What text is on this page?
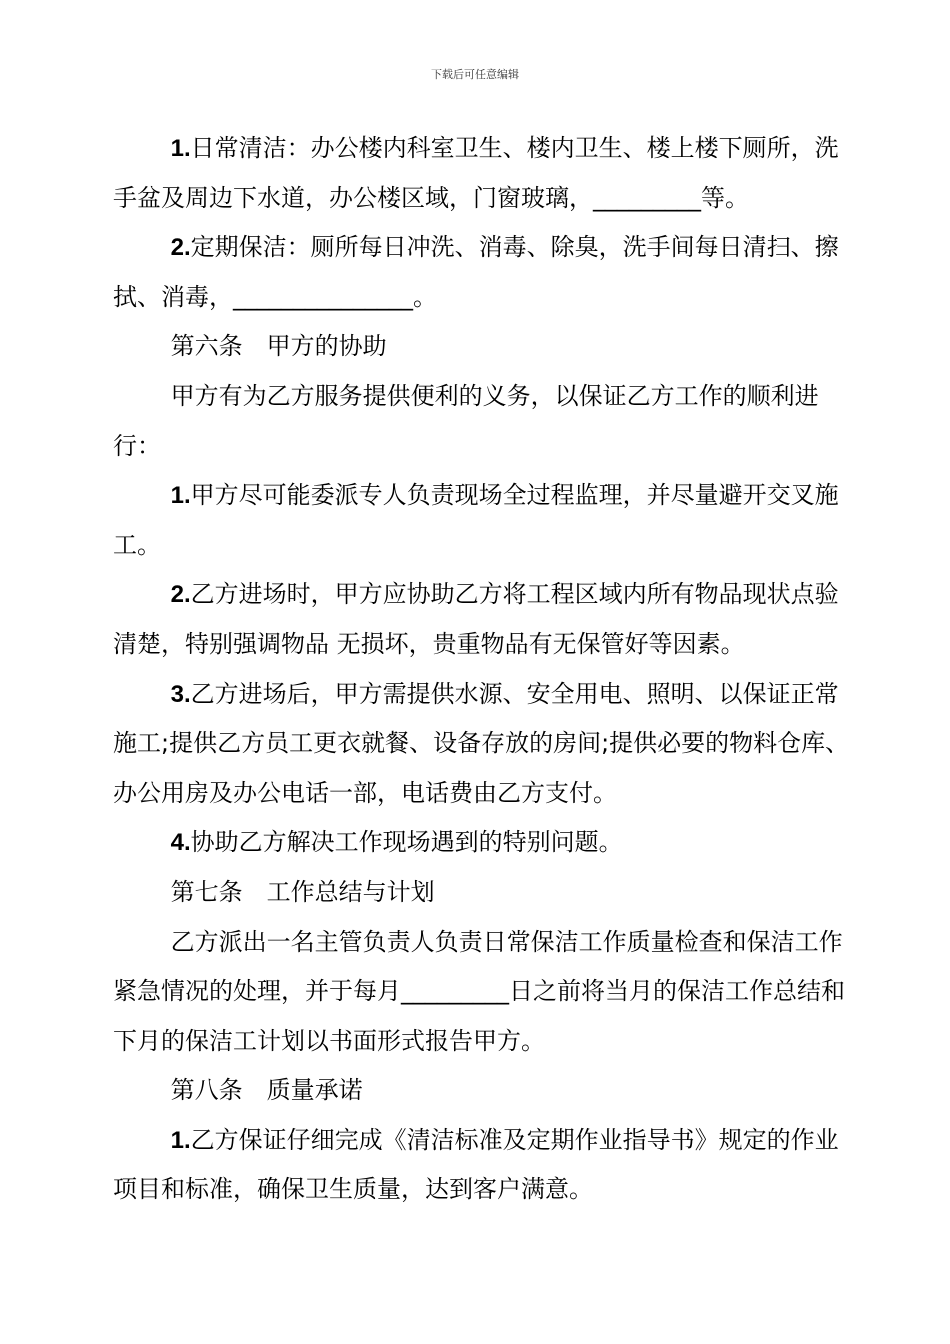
下载后可任意编辑

1.日常清洁：办公楼内科室卫生、楼内卫生、楼上楼下厕所，洗手盆及周边下水道，办公楼区域，门窗玻璃，_________等。

2.定期保洁：厕所每日冲洗、消毒、除臭，洗手间每日清扫、擦拭、消毒，_______________。

第六条　甲方的协助

甲方有为乙方服务提供便利的义务，以保证乙方工作的顺利进行：

1.甲方尽可能委派专人负责现场全过程监理，并尽量避开交叉施工。

2.乙方进场时，甲方应协助乙方将工程区域内所有物品现状点验清楚，特别强调物品 无损坏，贵重物品有无保管好等因素。

3.乙方进场后，甲方需提供水源、安全用电、照明、以保证正常施工;提供乙方员工更衣就餐、设备存放的房间;提供必要的物料仓库、办公用房及办公电话一部，电话费由乙方支付。

4.协助乙方解决工作现场遇到的特别问题。

第七条　工作总结与计划

乙方派出一名主管负责人负责日常保洁工作质量检查和保洁工作紧急情况的处理，并于每月_________日之前将当月的保洁工作总结和下月的保洁工计划以书面形式报告甲方。

第八条　质量承诺

1.乙方保证仔细完成《清洁标准及定期作业指导书》规定的作业项目和标准，确保卫生质量，达到客户满意。
